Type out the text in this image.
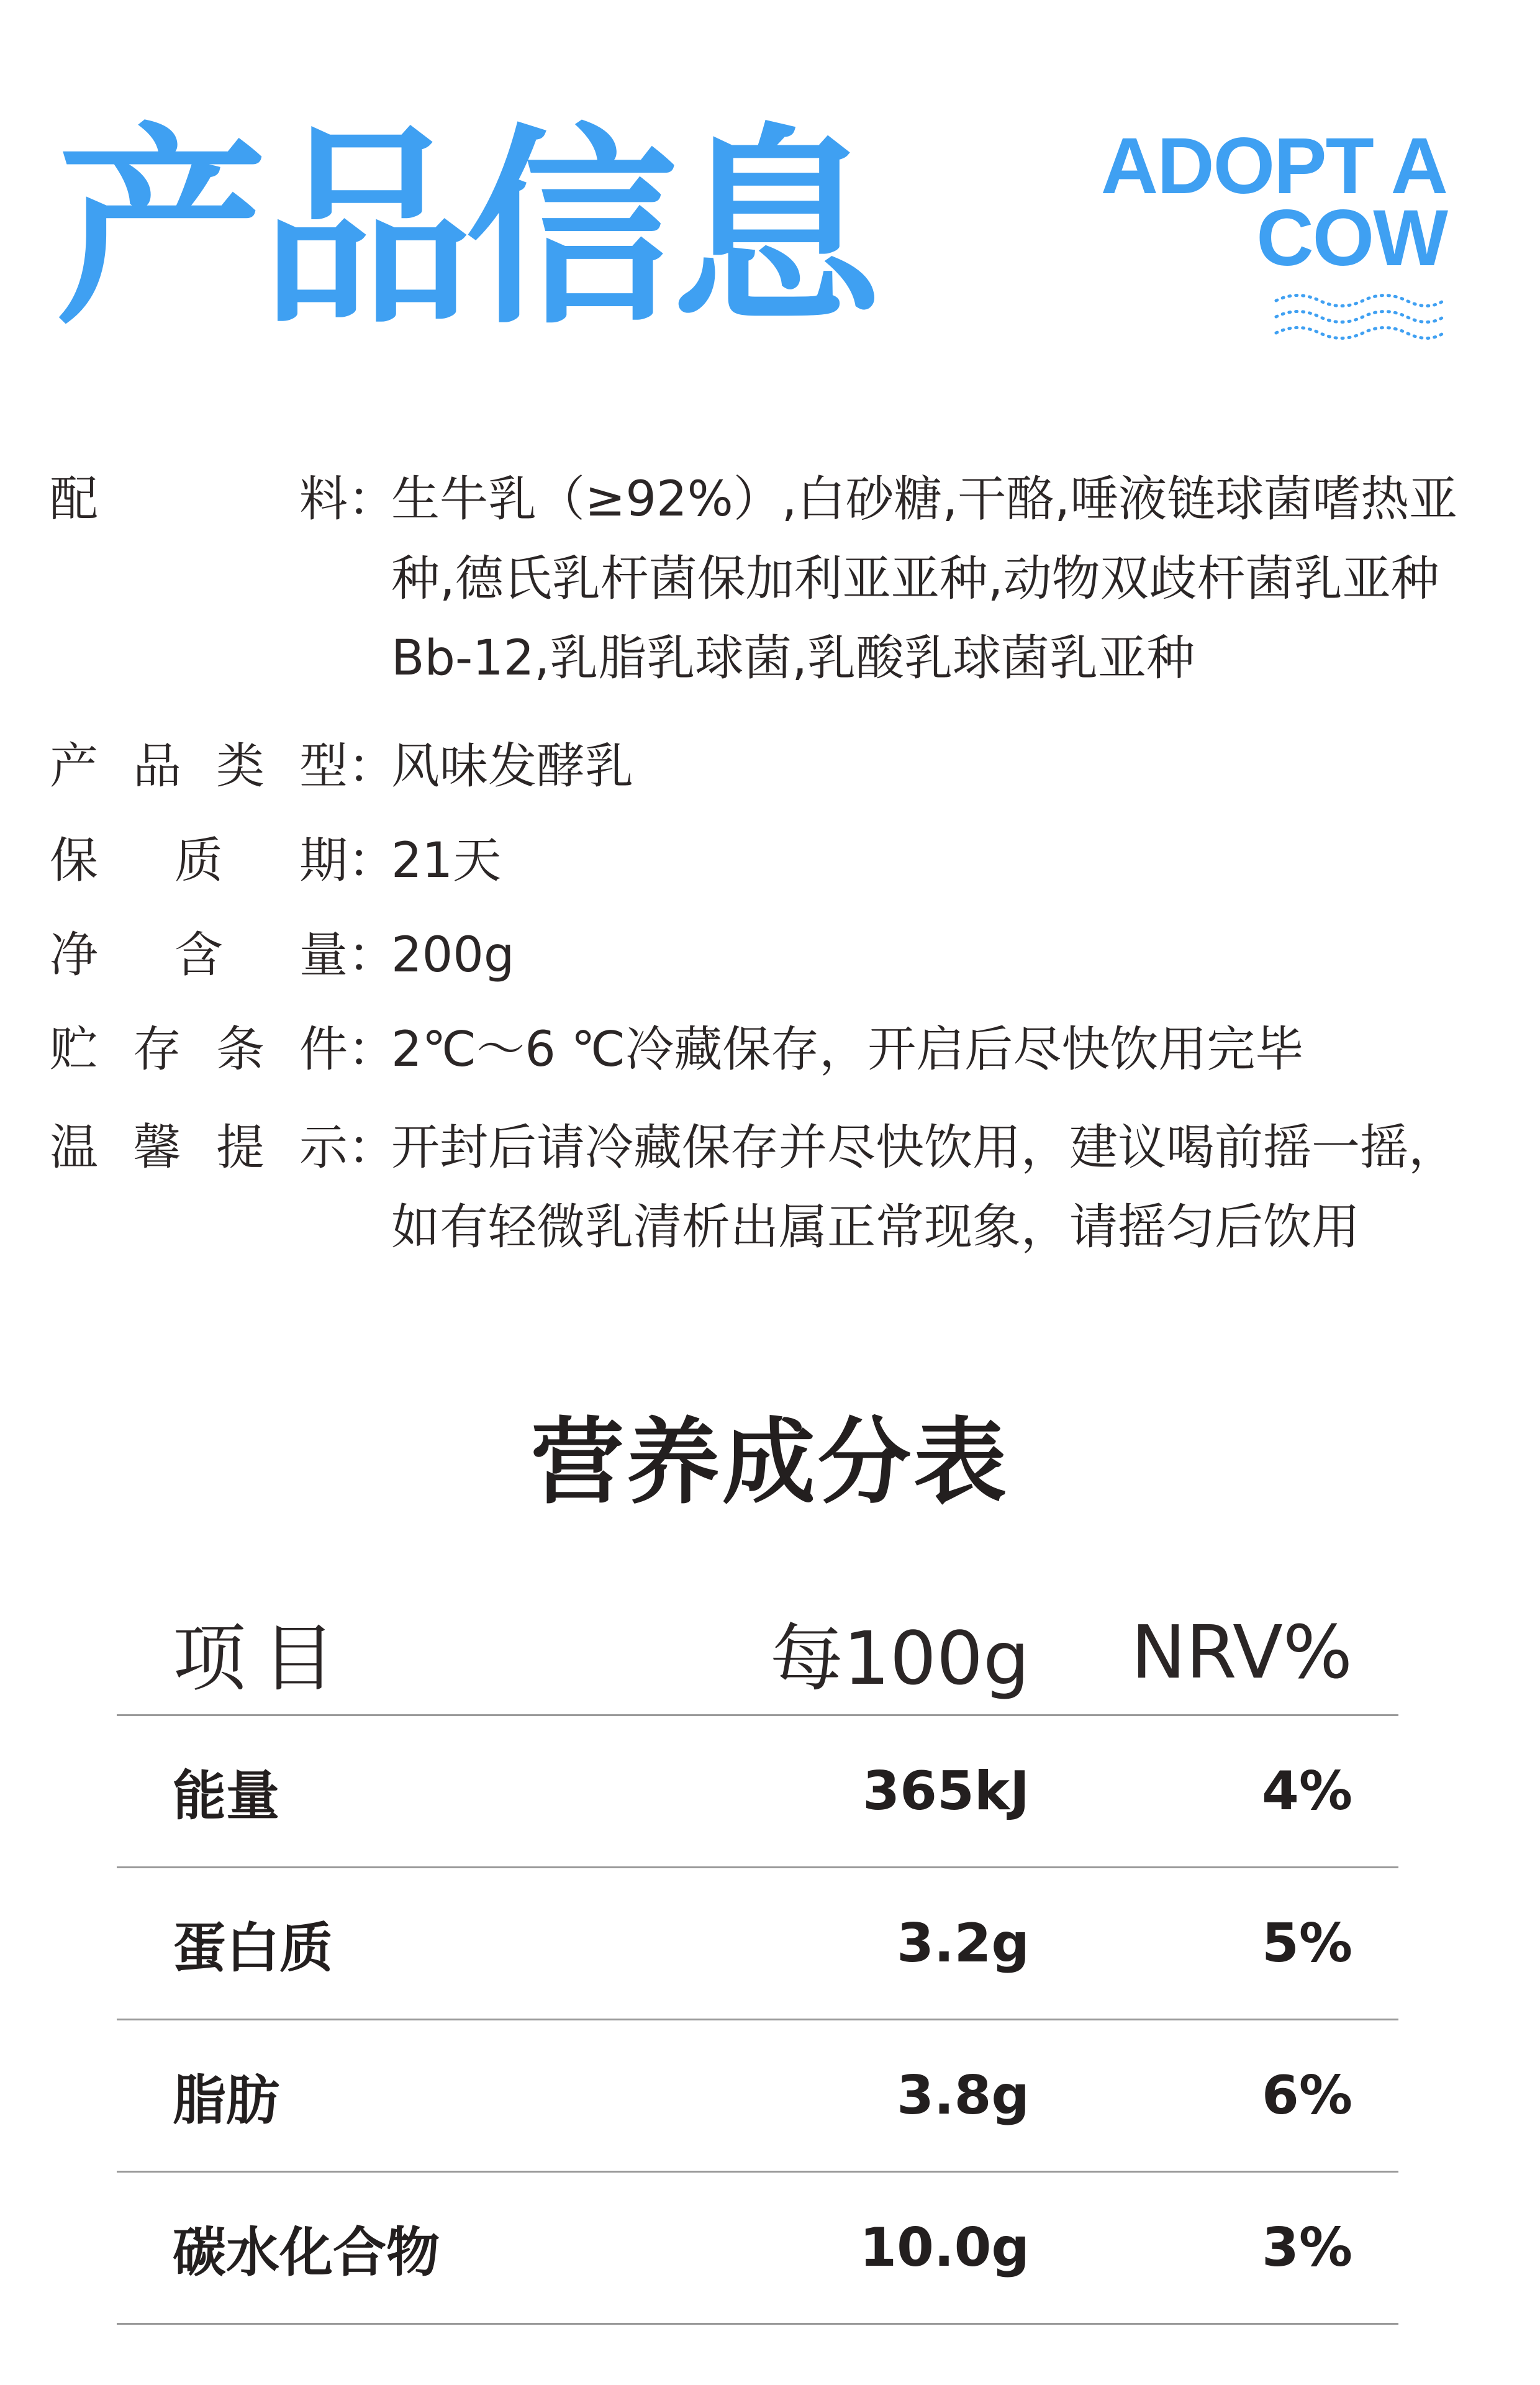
产品信息	ADOPT A
COW
配	料 ：
生牛乳（≥92%）,白砂糖,干酪,唾液链球菌嗜热亚种,德氏乳杆菌保加利亚亚种,动物双歧杆菌乳亚种Bb-12,乳脂乳球菌,乳酸乳球菌乳亚种
产 品 类 型 ：
风味发酵乳
保 质 期 ：
21天
净 含 量 ：
200g
贮 存 条 件 ：
2℃～6 ℃冷藏保存，开启后尽快饮用完毕
温 馨 提 示 ：
开封后请冷藏保存并尽快饮用，建议喝前摇一摇，如有轻微乳清析出属正常现象，请摇匀后饮用
营养成分表
项目	每100g	NRV%
能量	365kJ	4%
蛋白质	3.2g	5%
脂肪	3.8g	6%
碳水化合物	10.0g	3%
